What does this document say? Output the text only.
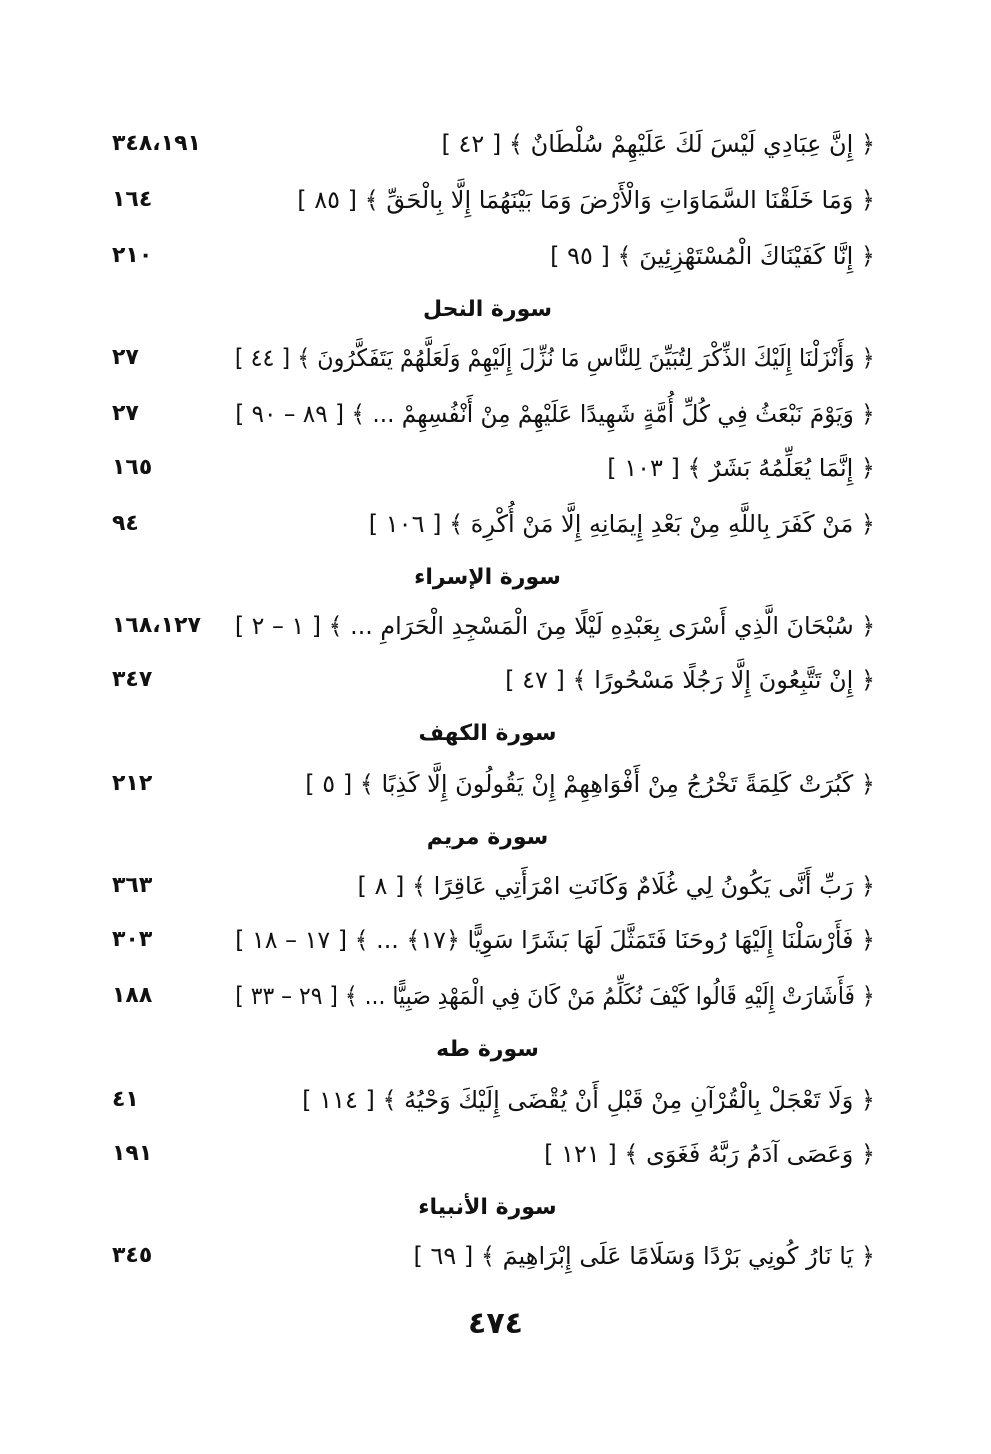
﴿ إِنَّ عِبَادِي لَيْسَ لَكَ عَلَيْهِمْ سُلْطَانٌ ﴾ [ ٤٢ ]
٣٤٨،١٩١
﴿ وَمَا خَلَقْنَا السَّمَاوَاتِ وَالْأَرْضَ وَمَا بَيْنَهُمَا إِلَّا بِالْحَقِّ ﴾ [ ٨٥ ]
١٦٤
﴿ إِنَّا كَفَيْنَاكَ الْمُسْتَهْزِئِينَ ﴾ [ ٩٥ ]
٢١٠
سورة النحل
﴿ وَأَنْزَلْنَا إِلَيْكَ الذِّكْرَ لِتُبَيِّنَ لِلنَّاسِ مَا نُزِّلَ إِلَيْهِمْ وَلَعَلَّهُمْ يَتَفَكَّرُونَ ﴾ [ ٤٤ ]
٢٧
﴿ وَيَوْمَ نَبْعَثُ فِي كُلِّ أُمَّةٍ شَهِيدًا عَلَيْهِمْ مِنْ أَنْفُسِهِمْ ... ﴾ [ ٨٩ – ٩٠ ]
٢٧
﴿ إِنَّمَا يُعَلِّمُهُ بَشَرٌ ﴾ [ ١٠٣ ]
١٦٥
﴿ مَنْ كَفَرَ بِاللَّهِ مِنْ بَعْدِ إِيمَانِهِ إِلَّا مَنْ أُكْرِهَ ﴾ [ ١٠٦ ]
٩٤
سورة الإسراء
﴿ سُبْحَانَ الَّذِي أَسْرَى بِعَبْدِهِ لَيْلًا مِنَ الْمَسْجِدِ الْحَرَامِ ... ﴾ [ ١ – ٢ ]
١٦٨،١٢٧
﴿ إِنْ تَتَّبِعُونَ إِلَّا رَجُلًا مَسْحُورًا ﴾ [ ٤٧ ]
٣٤٧
سورة الكهف
﴿ كَبُرَتْ كَلِمَةً تَخْرُجُ مِنْ أَفْوَاهِهِمْ إِنْ يَقُولُونَ إِلَّا كَذِبًا ﴾ [ ٥ ]
٢١٢
سورة مريم
﴿ رَبِّ أَنَّى يَكُونُ لِي غُلَامٌ وَكَانَتِ امْرَأَتِي عَاقِرًا ﴾ [ ٨ ]
٣٦٣
﴿ فَأَرْسَلْنَا إِلَيْهَا رُوحَنَا فَتَمَثَّلَ لَهَا بَشَرًا سَوِيًّا ﴿١٧﴾ ... ﴾ [ ١٧ – ١٨ ]
٣٠٣
﴿ فَأَشَارَتْ إِلَيْهِ قَالُوا كَيْفَ نُكَلِّمُ مَنْ كَانَ فِي الْمَهْدِ صَبِيًّا ... ﴾ [ ٢٩ – ٣٣ ]
١٨٨
سورة طه
﴿ وَلَا تَعْجَلْ بِالْقُرْآنِ مِنْ قَبْلِ أَنْ يُقْضَى إِلَيْكَ وَحْيُهُ ﴾ [ ١١٤ ]
٤١
﴿ وَعَصَى آدَمُ رَبَّهُ فَغَوَى ﴾ [ ١٢١ ]
١٩١
سورة الأنبياء
﴿ يَا نَارُ كُونِي بَرْدًا وَسَلَامًا عَلَى إِبْرَاهِيمَ ﴾ [ ٦٩ ]
٣٤٥
٤٧٤
